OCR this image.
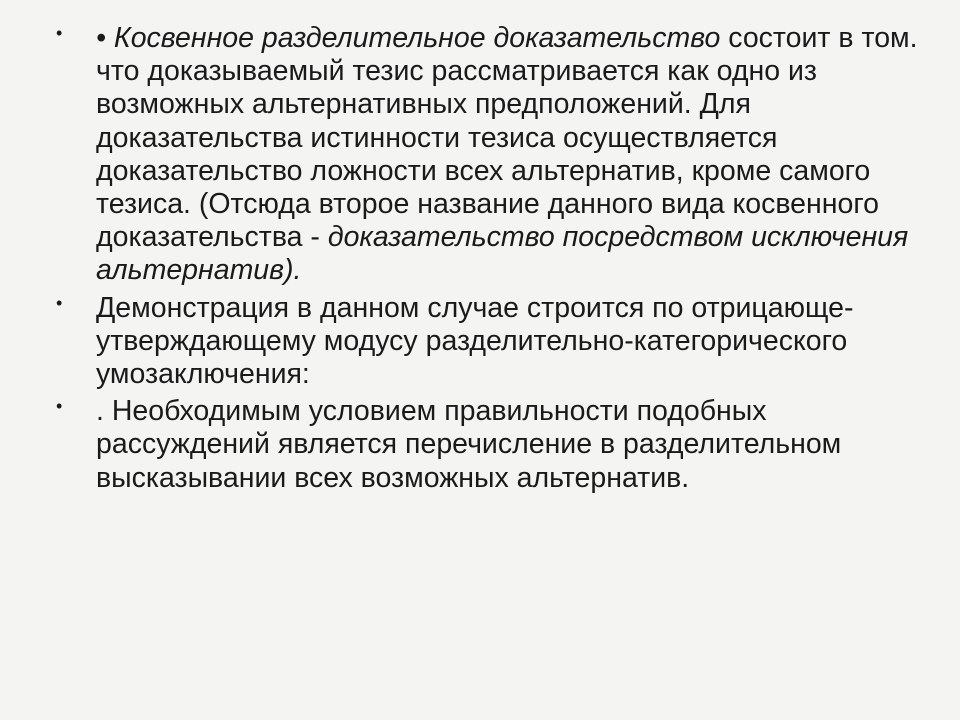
• • Косвенное разделительное доказательство состоит в том. что доказываемый тезис рассматривается как одно из возможных альтернативных предположений. Для доказательства истинности тезиса осуществляется доказательство ложности всех альтернатив, кроме самого тезиса. (Отсюда второе название данного вида косвенного доказательства - доказательство посредством исключения альтернатив).
• Демонстрация в данном случае строится по отрицающе-утверждающему модусу разделительно-категорического умозаключения:
• . Необходимым условием правильности подобных рассуждений является перечисление в разделительном высказывании всех возможных альтернатив.
